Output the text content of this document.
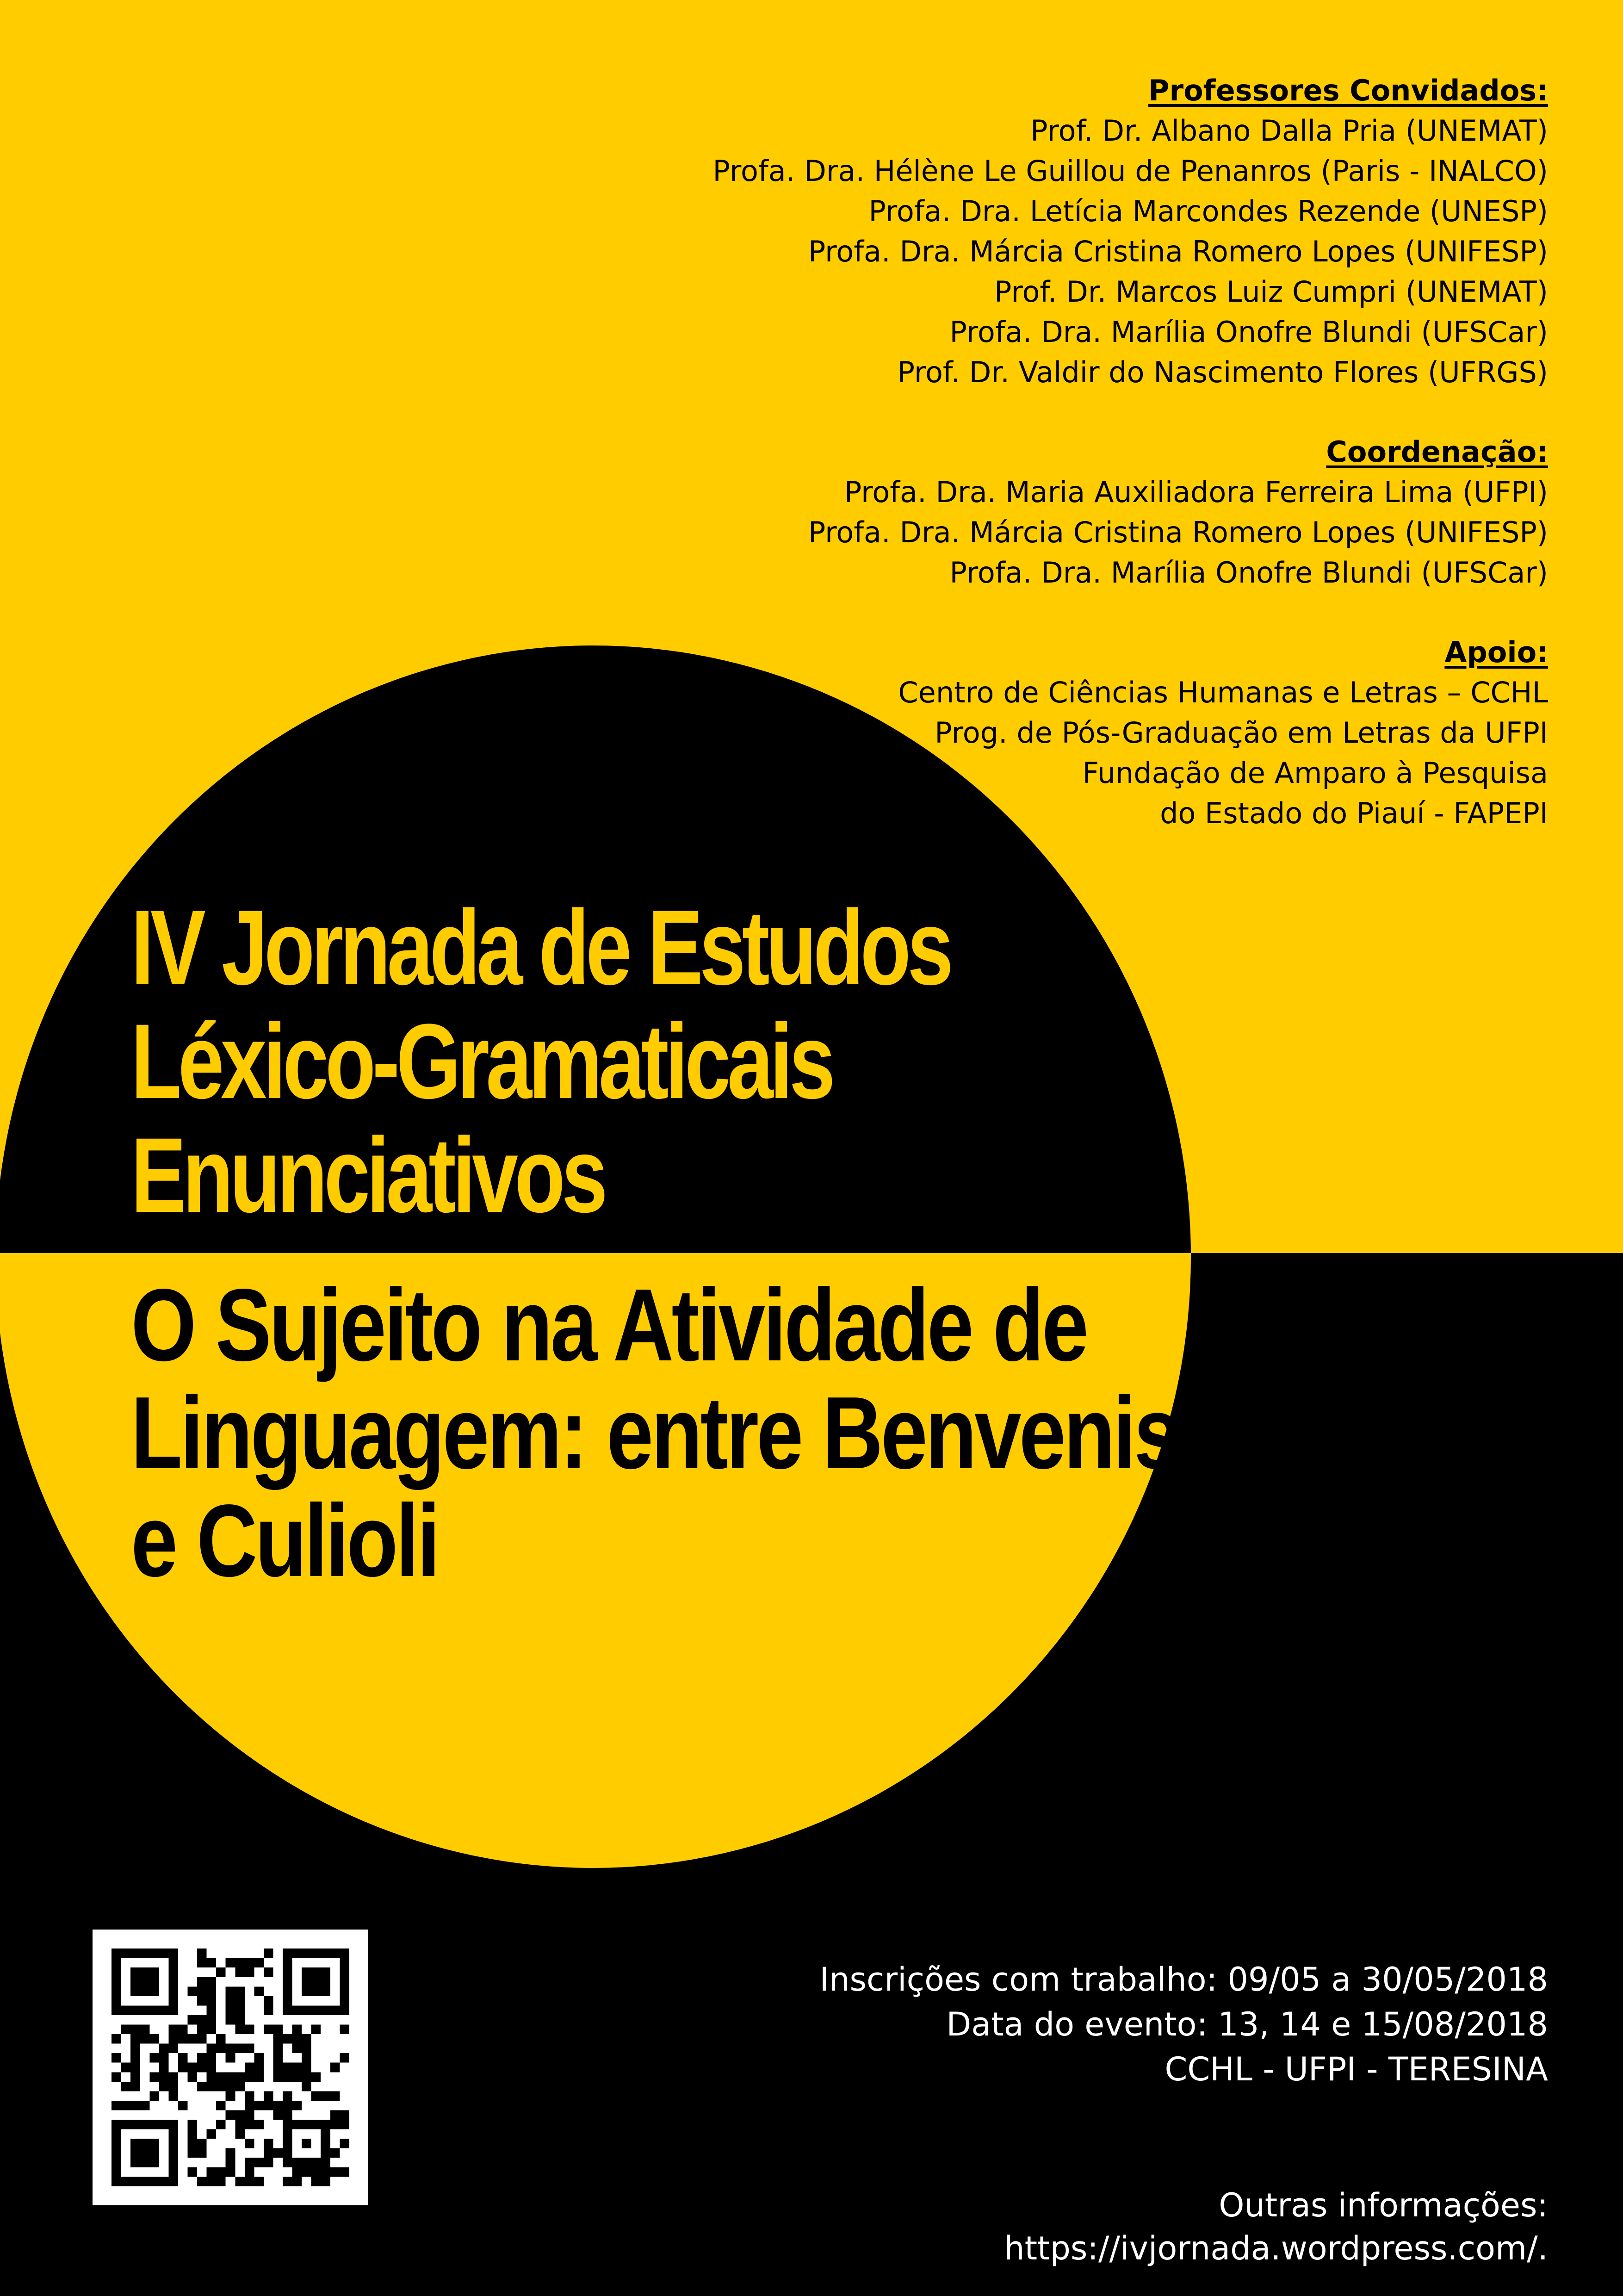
Professores Convidados:
Prof. Dr. Albano Dalla Pria (UNEMAT)
Profa. Dra. Hélène Le Guillou de Penanros (Paris - INALCO)
Profa. Dra. Letícia Marcondes Rezende (UNESP)
Profa. Dra. Márcia Cristina Romero Lopes (UNIFESP)
Prof. Dr. Marcos Luiz Cumpri (UNEMAT)
Profa. Dra. Marília Onofre Blundi (UFSCar)
Prof. Dr. Valdir do Nascimento Flores (UFRGS)
Coordenação:
Profa. Dra. Maria Auxiliadora Ferreira Lima (UFPI)
Profa. Dra. Márcia Cristina Romero Lopes (UNIFESP)
Profa. Dra. Marília Onofre Blundi (UFSCar)
Apoio:
Centro de Ciências Humanas e Letras – CCHL
Prog. de Pós-Graduação em Letras da UFPI
Fundação de Amparo à Pesquisa
do Estado do Piauí - FAPEPI
IV Jornada de Estudos
Léxico-Gramaticais
Enunciativos
O Sujeito na Atividade de
Linguagem: entre Benveniste
e Culioli
Inscrições com trabalho: 09/05 a 30/05/2018
Data do evento: 13, 14 e 15/08/2018
CCHL - UFPI - TERESINA
Outras informações:
https://ivjornada.wordpress.com/.
